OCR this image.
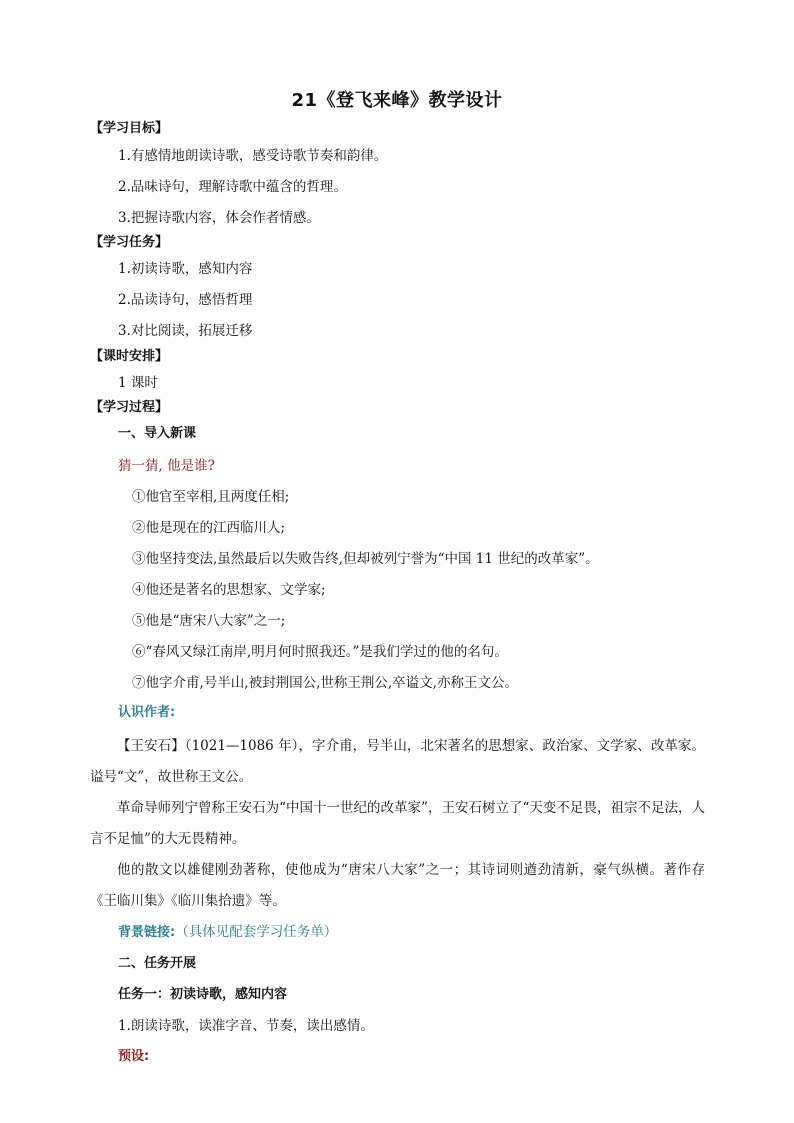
21《登飞来峰》教学设计
【学习目标】
1.有感情地朗读诗歌，感受诗歌节奏和韵律。
2.品味诗句，理解诗歌中蕴含的哲理。
3.把握诗歌内容，体会作者情感。
【学习任务】
1.初读诗歌，感知内容
2.品读诗句，感悟哲理
3.对比阅读，拓展迁移
【课时安排】
1 课时
【学习过程】
一、导入新课
猜一猜, 他是谁?
①他官至宰相,且两度任相;
②他是现在的江西临川人;
③他坚持变法,虽然最后以失败告终,但却被列宁誉为“中国 11 世纪的改革家”。
④他还是著名的思想家、文学家;
⑤他是“唐宋八大家”之一;
⑥“春风又绿江南岸,明月何时照我还。”是我们学过的他的名句。
⑦他字介甫,号半山,被封荆国公,世称王荆公,卒谥文,亦称王文公。
认识作者:
【王安石】（1021—1086 年），字介甫，号半山，北宋著名的思想家、政治家、文学家、改革家。谥号“文”，故世称王文公。
革命导师列宁曾称王安石为“中国十一世纪的改革家”，王安石树立了“天变不足畏，祖宗不足法，人言不足恤”的大无畏精神。
他的散文以雄健刚劲著称，使他成为“唐宋八大家”之一；其诗词则遒劲清新，豪气纵横。著作存《王临川集》《临川集拾遗》等。
背景链接:（具体见配套学习任务单）
二、任务开展
任务一：初读诗歌，感知内容
1.朗读诗歌，读准字音、节奏，读出感情。
预设:
